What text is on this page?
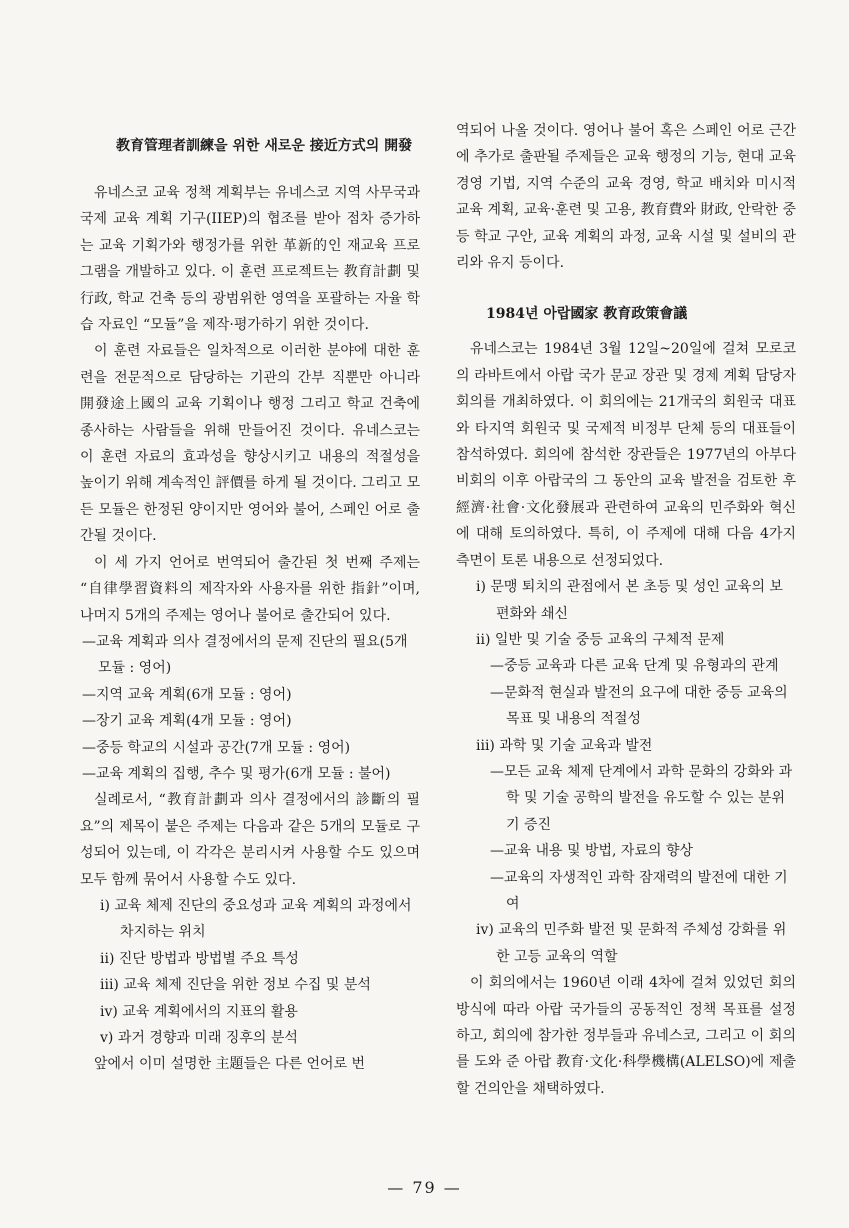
教育管理者訓練을 위한 새로운 接近方式의 開發

유네스코 교육 정책 계획부는 유네스코 지역 사무국과 국제 교육 계획 기구(IIEP)의 협조를 받아 점차 증가하는 교육 기획가와 행정가를 위한 革新的인 재교육 프로그램을 개발하고 있다. 이 훈련 프로젝트는 教育計劃 및 行政, 학교 건축 등의 광범위한 영역을 포괄하는 자율 학습 자료인 “모듈”을 제작·평가하기 위한 것이다.

이 훈련 자료들은 일차적으로 이러한 분야에 대한 훈련을 전문적으로 담당하는 기관의 간부 직뿐만 아니라 開發途上國의 교육 기획이나 행정 그리고 학교 건축에 종사하는 사람들을 위해 만들어진 것이다. 유네스코는 이 훈련 자료의 효과성을 향상시키고 내용의 적절성을 높이기 위해 계속적인 評價를 하게 될 것이다. 그리고 모든 모듈은 한정된 양이지만 영어와 불어, 스페인 어로 출간될 것이다.

이 세 가지 언어로 번역되어 출간된 첫 번째 주제는 “自律學習資料의 제작자와 사용자를 위한 指針”이며, 나머지 5개의 주제는 영어나 불어로 출간되어 있다.

—교육 계획과 의사 결정에서의 문제 진단의 필요(5개 모듈 : 영어)
—지역 교육 계획(6개 모듈 : 영어)
—장기 교육 계획(4개 모듈 : 영어)
—중등 학교의 시설과 공간(7개 모듈 : 영어)
—교육 계획의 집행, 추수 및 평가(6개 모듈 : 불어)

실례로서, “教育計劃과 의사 결정에서의 診斷의 필요”의 제목이 붙은 주제는 다음과 같은 5개의 모듈로 구성되어 있는데, 이 각각은 분리시켜 사용할 수도 있으며 모두 함께 묶어서 사용할 수도 있다.

i) 교육 체제 진단의 중요성과 교육 계획의 과정에서 차지하는 위치
ii) 진단 방법과 방법별 주요 특성
iii) 교육 체제 진단을 위한 정보 수집 및 분석
iv) 교육 계획에서의 지표의 활용
v) 과거 경향과 미래 징후의 분석

앞에서 이미 설명한 主題들은 다른 언어로 번

역되어 나올 것이다. 영어나 불어 혹은 스페인 어로 근간에 추가로 출판될 주제들은 교육 행정의 기능, 현대 교육 경영 기법, 지역 수준의 교육 경영, 학교 배치와 미시적 교육 계획, 교육·훈련 및 고용, 教育費와 財政, 안락한 중등 학교 구안, 교육 계획의 과정, 교육 시설 및 설비의 관리와 유지 등이다.

1984년 아랍國家 教育政策會議

유네스코는 1984년 3월 12일~20일에 걸쳐 모로코의 라바트에서 아랍 국가 문교 장관 및 경제 계획 담당자 회의를 개최하였다. 이 회의에는 21개국의 회원국 대표와 타지역 회원국 및 국제적 비정부 단체 등의 대표들이 참석하였다. 회의에 참석한 장관들은 1977년의 아부다비회의 이후 아랍국의 그 동안의 교육 발전을 검토한 후 經濟·社會·文化發展과 관련하여 교육의 민주화와 혁신에 대해 토의하였다. 특히, 이 주제에 대해 다음 4가지 측면이 토론 내용으로 선정되었다.

i) 문맹 퇴치의 관점에서 본 초등 및 성인 교육의 보편화와 쇄신
ii) 일반 및 기술 중등 교육의 구체적 문제
—중등 교육과 다른 교육 단계 및 유형과의 관계
—문화적 현실과 발전의 요구에 대한 중등 교육의 목표 및 내용의 적절성
iii) 과학 및 기술 교육과 발전
—모든 교육 체제 단계에서 과학 문화의 강화와 과학 및 기술 공학의 발전을 유도할 수 있는 분위기 증진
—교육 내용 및 방법, 자료의 향상
—교육의 자생적인 과학 잠재력의 발전에 대한 기여
iv) 교육의 민주화 발전 및 문화적 주체성 강화를 위한 고등 교육의 역할

이 회의에서는 1960년 이래 4차에 걸쳐 있었던 회의 방식에 따라 아랍 국가들의 공동적인 정책 목표를 설정하고, 회의에 참가한 정부들과 유네스코, 그리고 이 회의를 도와 준 아랍 教育·文化·科學機構(ALELSO)에 제출할 건의안을 채택하였다.

— 79 —
